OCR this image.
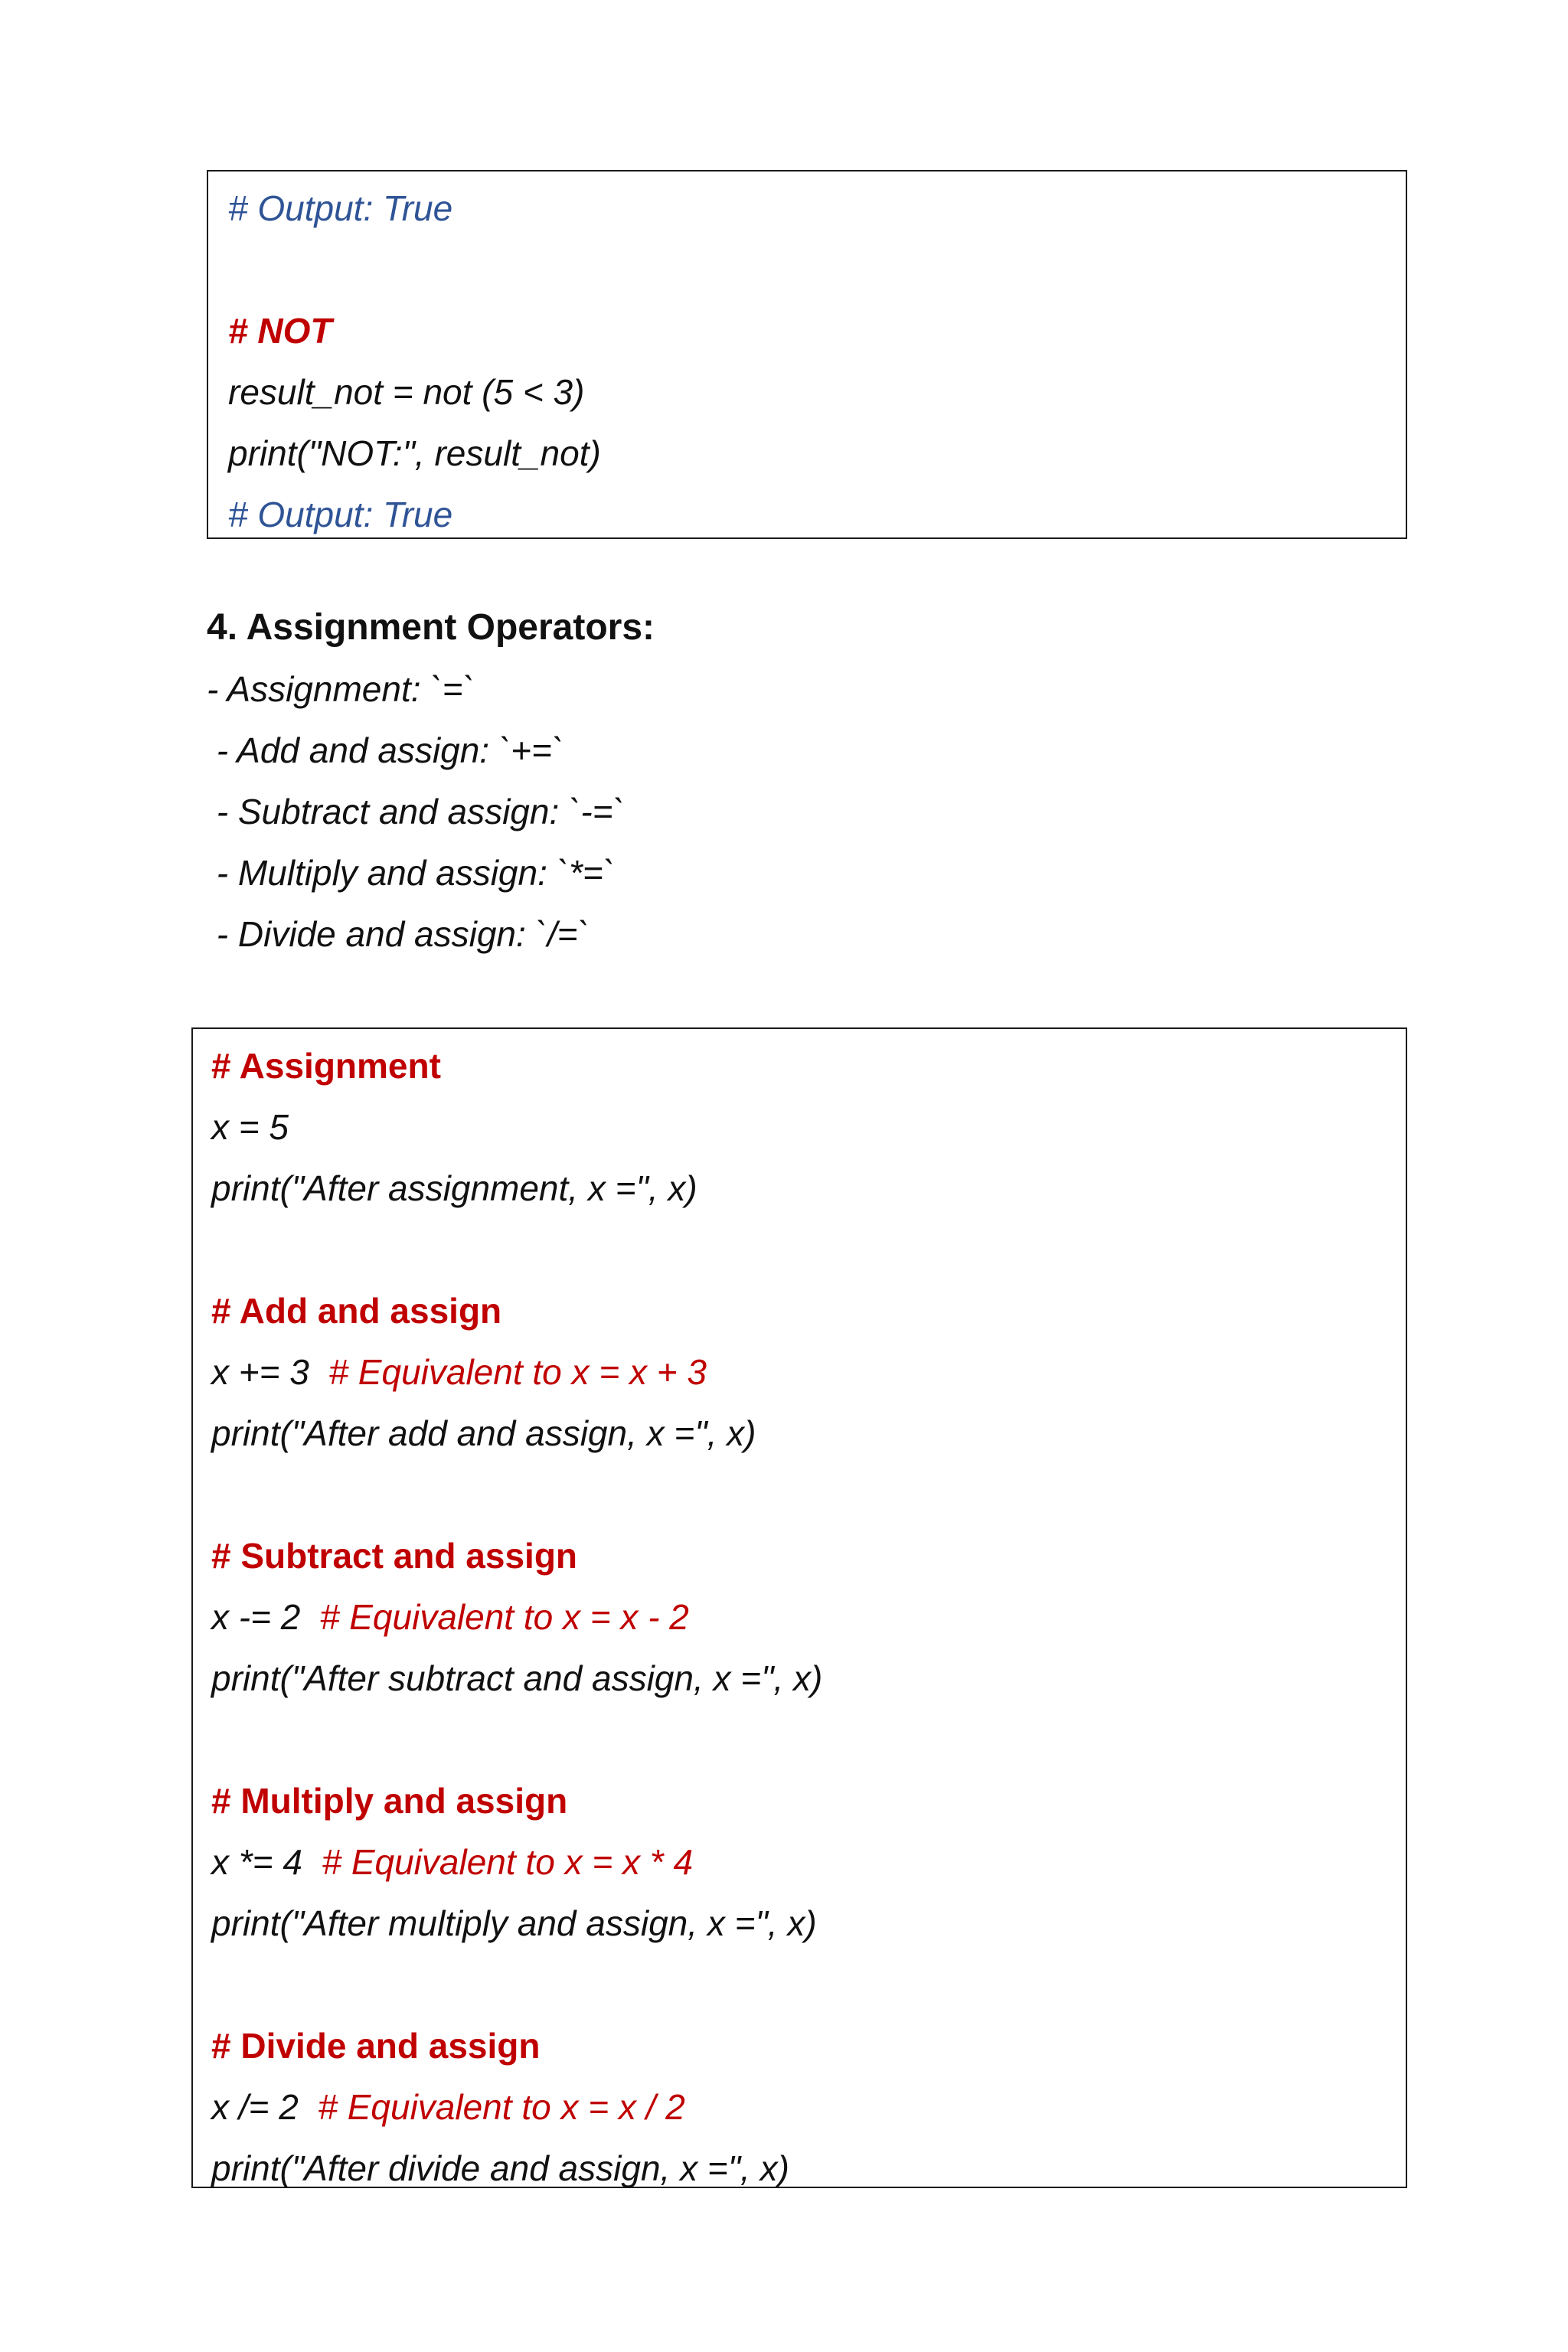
# Output: True
# NOT
result_not = not (5 < 3)
print("NOT:", result_not)
# Output: True
4. Assignment Operators:
- Assignment: `=`
- Add and assign: `+=`
- Subtract and assign: `-=`
- Multiply and assign: `*=`
- Divide and assign: `/=`
# Assignment
x = 5
print("After assignment, x =", x)
# Add and assign
x += 3  # Equivalent to x = x + 3
print("After add and assign, x =", x)
# Subtract and assign
x -= 2  # Equivalent to x = x - 2
print("After subtract and assign, x =", x)
# Multiply and assign
x *= 4  # Equivalent to x = x * 4
print("After multiply and assign, x =", x)
# Divide and assign
x /= 2  # Equivalent to x = x / 2
print("After divide and assign, x =", x)
